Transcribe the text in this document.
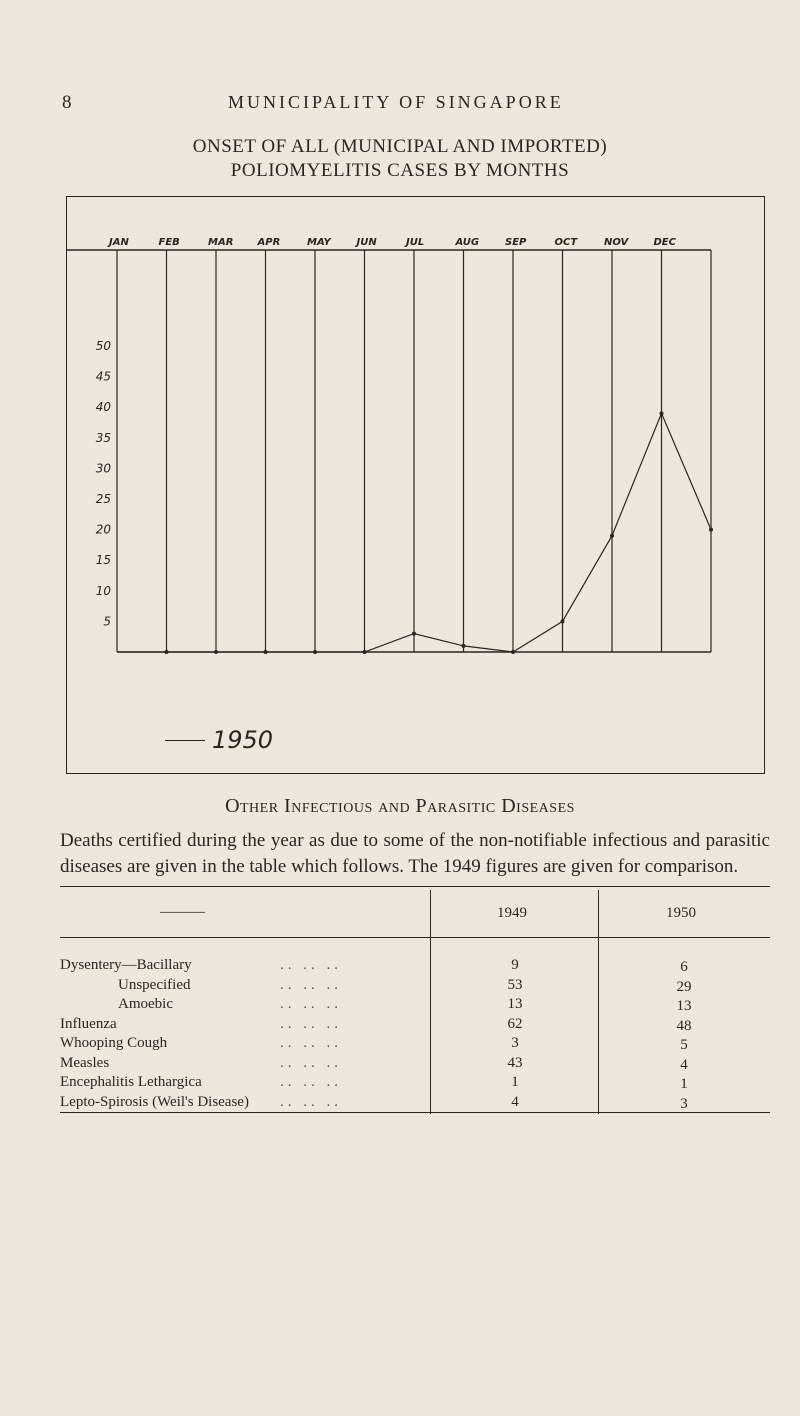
8	MUNICIPALITY OF SINGAPORE
ONSET OF ALL (MUNICIPAL AND IMPORTED)
POLIOMYELITIS CASES BY MONTHS
JAN	FEB	MAR APR	MAY	JUN	JUL	AUG	SEP	OCT	NOV	DEC
5
10
15
20
25
30
35
40
45
50
1950
Other Infectious and Parasitic Diseases
Deaths certified during the year as due to some of the non-notifiable infectious and parasitic diseases are given in the table which follows. The 1949 figures are given for comparison.
———	1949	1950
Dysentery—Bacillary	.. .. ..	9	6
Unspecified	.. .. ..	53	29
Amoebic	.. .. ..	13	13
Influenza	.. .. ..	62	48
Whooping Cough	.. .. ..	3	5
Measles	.. .. ..	43	4
Encephalitis Lethargica	.. .. ..	1	1
Lepto-Spirosis (Weil's Disease) .. .. ..	4	3
